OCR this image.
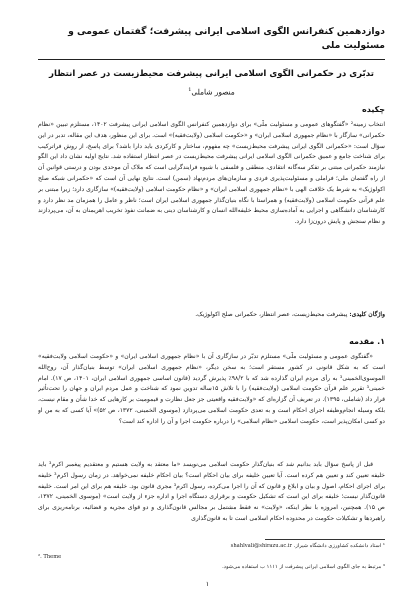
دوازدهمین کنفرانس الگوی اسلامی ایرانی پیشرفت؛ گفتمان عمومی و مسئولیت ملی
تدبّری در حکمرانی الگوی اسلامی ایرانی پیشرفت محیط‌زیست در عصر انتظار
منصور شاملی$^1$
چکیده
انتخاب زمینه² «گفتگوهای عمومی و مسئولیت ملّی» برای دوازدهمین کنفرانس الگوی اسلامی ایرانی پیشرفت ۱۴۰۲، مستلزم تبیین «نظام حکمرانی» سازگار با «نظام جمهوری اسلامی ایران» و «حکومت اسلامی (ولایت‌فقیه)» است. برای این منظور، هدف این مقاله، تدبر در این سؤال است: «حکمرانی الگوی ایرانی پیشرفت محیط‌زیست» چه مفهوم، ساختار و کارکردی باید دارا باشد؟ برای پاسخ، از روش فراترکیب برای شناخت جامع و عمیق حکمرانی الگوی اسلامی ایرانی پیشرفت محیط‌زیست در عصر انتظار استفاده شد. نتایج اولیه نشان داد این الگو نیازمند حکمرانی مبتنی بر تفکر سه‌گانه انتقادی، منطقی و فلسفی با شیوه فرایندگرایی است که ملاک آن موحدی بودن و درستی قوانین آن از راه گفتمان ملی؛ فراملی و مسئولیت‌پذیری فردی و سازمان‌های مردم‌نهاد (سمن) است. نتایج نهایی آن است که «حکمرانی شبکه صلح اکولوژیک» به شرط یک خلافت الهی با «نظام جمهوری اسلامی ایران» و «نظام حکومت اسلامی (ولایت‌فقیه)» سازگاری دارد؛ زیرا مبتنی بر علم قرآنی حکومت اسلامی (ولایت‌فقیه) و همراستا با نگاه بنیان‌گذار جمهوری اسلامی ایران است؛ ناظر و عامل را همزمان مد نظر دارد و کارشناسان دانشگاهی و اجرایی به آماده‌سازی محیط خلیفه‌الله انسان و کارشناسان دینی به ضمانت نفوذ تخریب اهریمنان به آن، می‌پردازند و نظام سنجش و پایش درون‌زا دارد.
واژگان کلیدی: پیشرفت محیط‌زیست، عصر انتظار، حکمرانی صلح اکولوژیک.
۱. مقدمه
«گفتگوی عمومی و مسئولیت ملّی» مستلزم تدبّر در سازگاری آن با «نظام جمهوری اسلامی ایران» و «حکومت اسلامی ولایت‌فقیه» است که به شکل قانونی در کشور مستقر است؛ به سخن دیگر، «نظام جمهوری اسلامی ایران» توسط بنیان‌گذار آن، روح‌الله الموسوی‌الخمینی³ به رأی مردم ایران گذارده شد که با ۹۸/۲٪ پذیرش گردید (قانون اساسی جمهوری اسلامی ایران، ۱۴۰۱، ص ۱۷). امام خمینی³ تقریر علم قرآن حکومت اسلامی (ولایت‌فقیه) را با تلاش ۱۵ساله تدوین نمود که شناخت و عمل مردم ایران و جهان را تحت‌تأثیر قرار داد (شاملی، ۱۳۹۵). در تعریف آن گزاره‌ای که «ولایت‌فقیه واقعیتی جز جعل نظارت و قیمومیت بر کارهایی که خدا شأن و مقام نیست، بلکه وسیله انجام‌وظیفه اجرای احکام است و به تعدی حکومت اسلامی می‌پردازد (موسوی الخمینی، ۱۳۷۲، ص ۵۲)» آیا کسی که به من او دو کسی امکان‌پذیر است، حکومت اسلامی «نظام اسلامی» را درباره حکومت اجرا و آن را اداره کند است؟
قبل از پاسخ سؤال باید بدانیم شد که بنیان‌گذار حکومت اسلامی می‌نویسد «ما معتقد به ولایت هستیم و معتقدیم پیغمبر اکرم³ باید خلیفه تعیین کند و تعیین هم کرده است. آیا تعیین خلیفه برای بیان احکام است؟ بیان احکام خلیفه نمی‌خواهد. در زمان رسول اکرم³ خلیفه برای اجرای احکام، اصول و بیان و ابلاغ و قانون که آن را اجرا می‌کرده، رسول اکرم³ مجری قانون بود. خلیفه هم برای این امر است. خلیفه قانون‌گذار نیست؛ خلیفه برای این است که تشکیل حکومت و برقراری دستگاه اجرا و اداره جزء از ولایت است» (موسوی الخمینی، ۱۳۷۲، ص ۱۵). همچنین، امروزه با نظر اینکه، «ولایت» نه فقط مشتمل بر مجالس قانون‌گذاری و دو قوای مجریه و قضائیه، برنامه‌ریزی برای راهبردها و تشکیلات حکومت در محدوده احکام اسلامی است تا به قانون‌گذاری
¹ استاد دانشکده کشاورزی دانشگاه شیراز. shahlvali@shirazu.ac.ir
². Theme
³ مرتبط به جای الگوی اسلامی ایرانی پیشرفت از ۱۱۱۱ ب استفاده می‌شود.
۱
